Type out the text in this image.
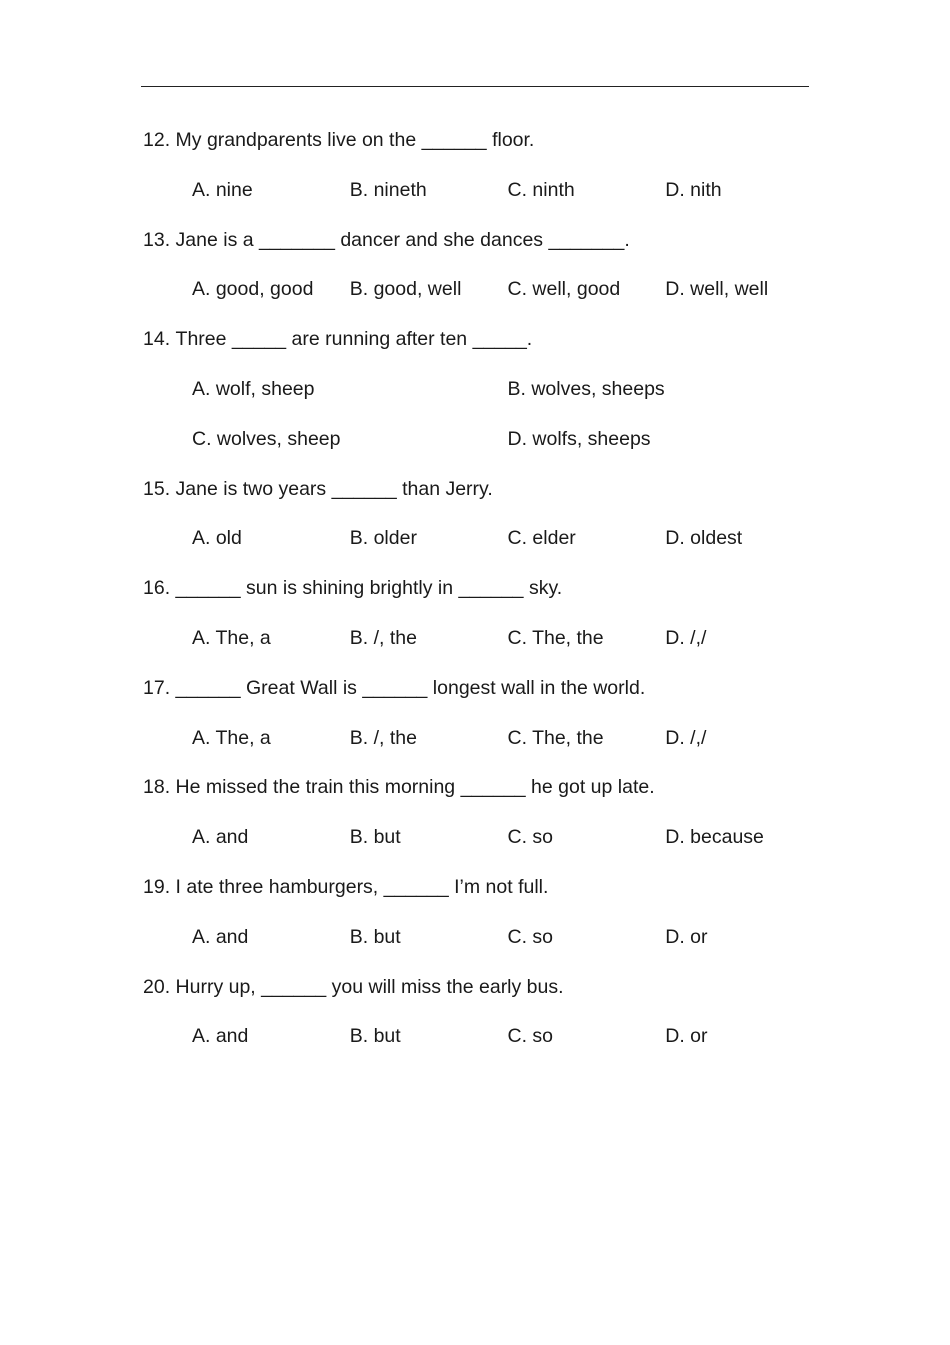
12.
My grandparents live on the ______ floor.
A. nine	B. nineth	C. ninth	D. nith
13.
Jane is a _______ dancer and she dances _______.
A. good, good	B. good, well	C. well, good	D. well, well
14.
Three _____ are running after ten _____.
A. wolf, sheep	B. wolves, sheeps
C. wolves, sheep	D. wolfs, sheeps
15.
Jane is two years ______ than Jerry.
A. old	B. older	C. elder	D. oldest
16.
______ sun is shining brightly in ______ sky.
A. The, a	B. /, the	C. The, the	D. /,/
17.
______ Great Wall is ______ longest wall in the world.
A. The, a	B. /, the	C. The, the	D. /,/
18.
He missed the train this morning ______ he got up late.
A. and	B. but	C. so	D. because
19.
I ate three hamburgers, ______ I’m not full.
A. and	B. but	C. so	D. or
20.
Hurry up, ______ you will miss the early bus.
A. and	B. but	C. so	D. or
